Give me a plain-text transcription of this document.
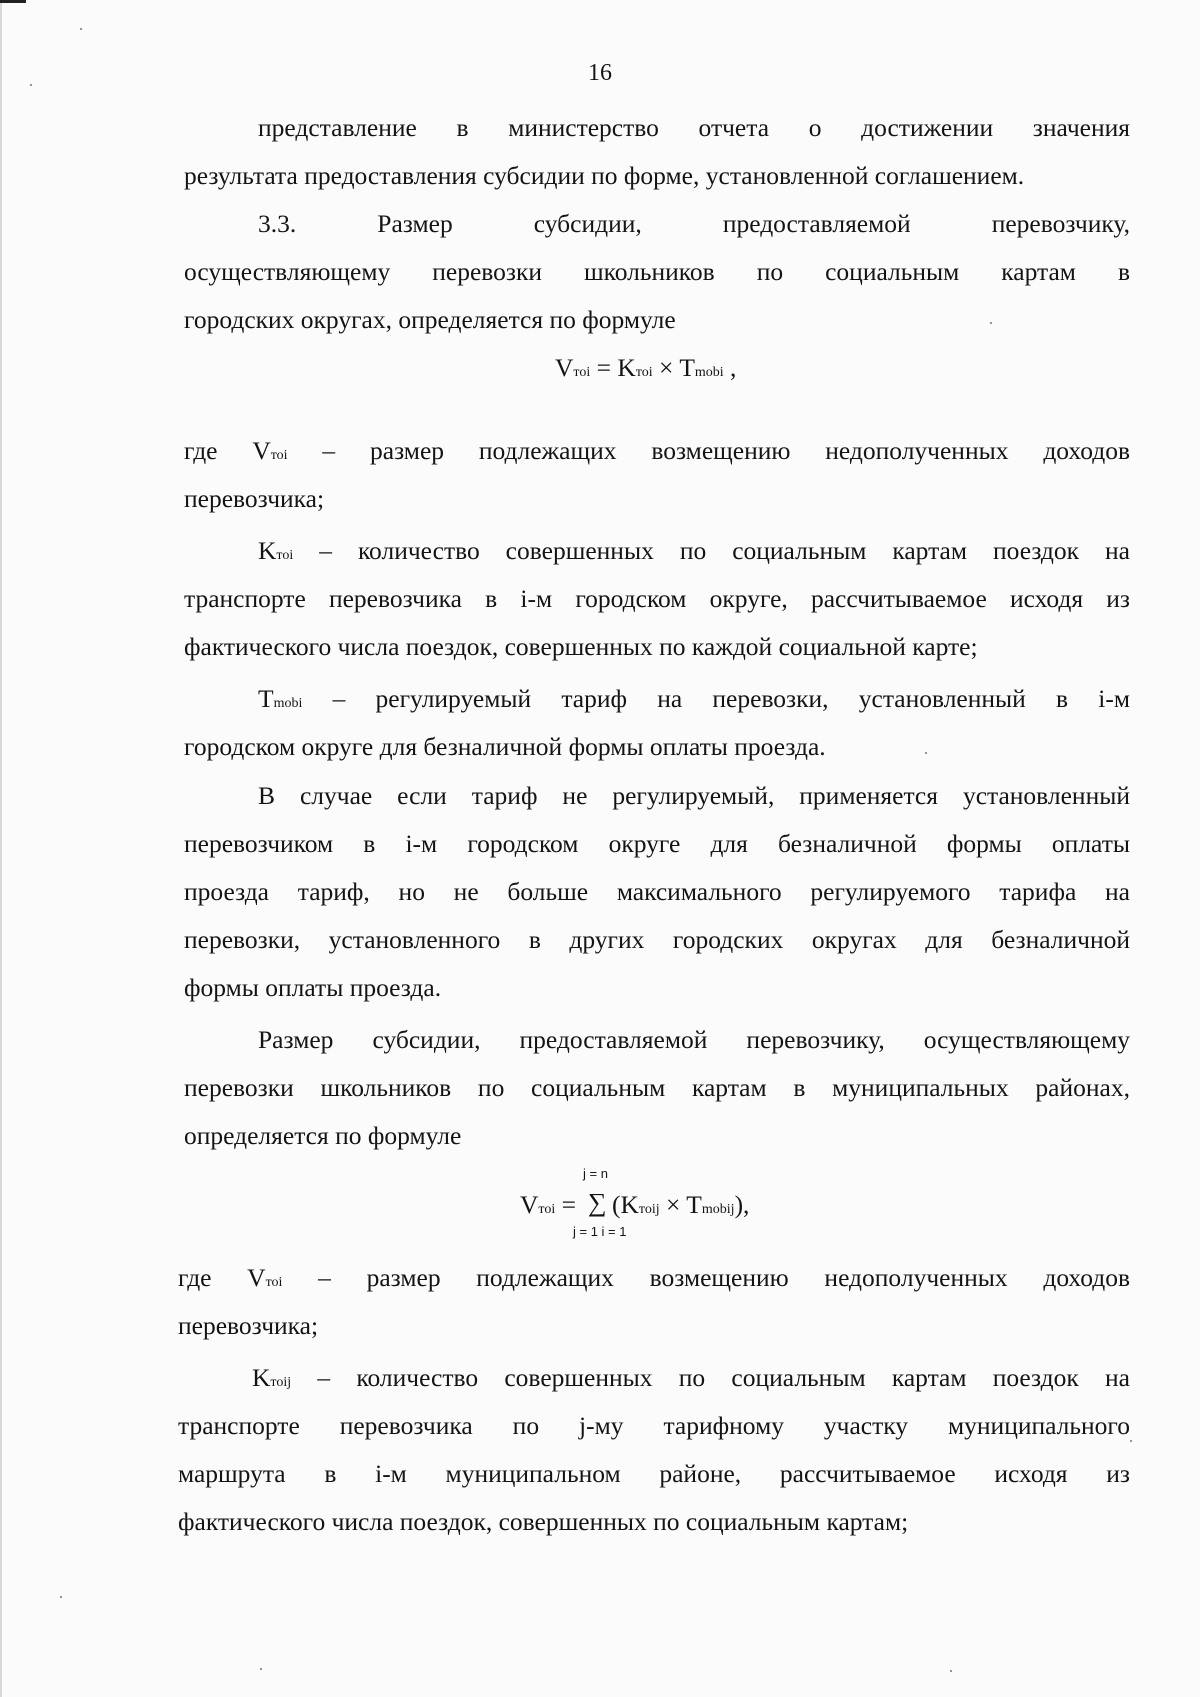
16
представление в министерство отчета о достижении значения
результата предоставления субсидии по форме, установленной соглашением.
3.3. Размер субсидии, предоставляемой перевозчику,
осуществляющему перевозки школьников по социальным картам в
городских округах, определяется по формуле
Vтоi = Kтоi × Tmobi ,
где Vтоi – размер подлежащих возмещению недополученных доходов
перевозчика;
Kтоi – количество совершенных по социальным картам поездок на
транспорте перевозчика в i-м городском округе, рассчитываемое исходя из
фактического числа поездок, совершенных по каждой социальной карте;
Tmobi – регулируемый тариф на перевозки, установленный в i-м
городском округе для безналичной формы оплаты проезда.
В случае если тариф не регулируемый, применяется установленный
перевозчиком в i-м городском округе для безналичной формы оплаты
проезда тариф, но не больше максимального регулируемого тарифа на
перевозки, установленного в других городских округах для безналичной
формы оплаты проезда.
Размер субсидии, предоставляемой перевозчику, осуществляющему
перевозки школьников по социальным картам в муниципальных районах,
определяется по формуле
j = n
Vтоi = ∑ (Kтоij × Tmobij),
j = 1 i = 1
где Vтоi – размер подлежащих возмещению недополученных доходов
перевозчика;
Kтоij – количество совершенных по социальным картам поездок на
транспорте перевозчика по j-му тарифному участку муниципального
маршрута в i-м муниципальном районе, рассчитываемое исходя из
фактического числа поездок, совершенных по социальным картам;
